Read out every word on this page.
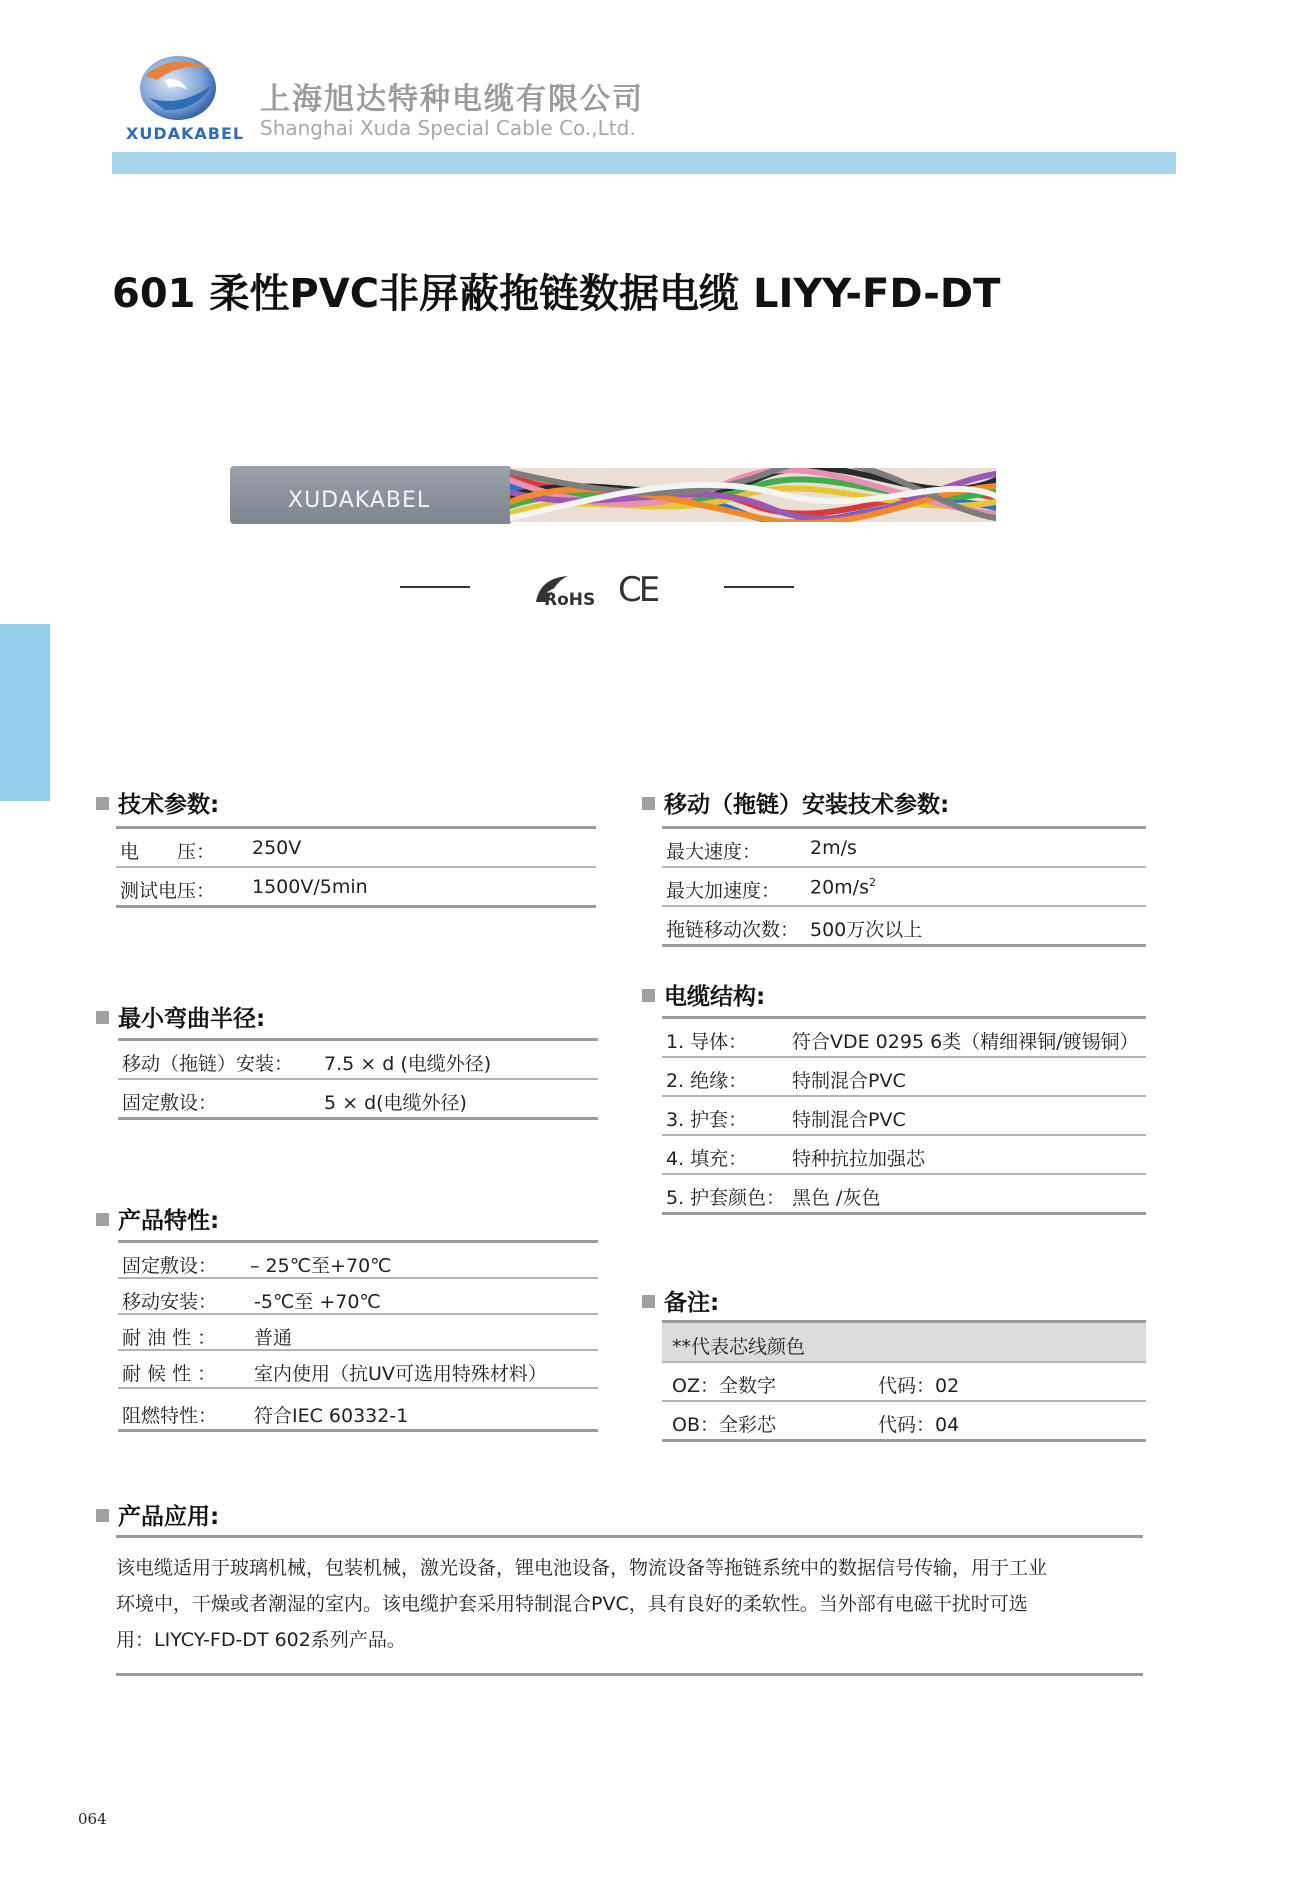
XUDAKABEL
上海旭达特种电缆有限公司
Shanghai Xuda Special Cable Co.,Ltd.
601 柔性PVC非屏蔽拖链数据电缆 LIYY-FD-DT
XUDAKABEL
RoHS CE
技术参数:
电　　压： 250V
测试电压： 1500V/5min
最小弯曲半径:
移动（拖链）安装： 7.5 × d (电缆外径)
固定敷设：	5 × d(电缆外径)
产品特性:
固定敷设： – 25℃至+70℃
移动安装： -5℃至 +70℃
耐 油 性 ： 普通
耐 候 性 ： 室内使用（抗UV可选用特殊材料）
阻燃特性： 符合IEC 60332-1
移动（拖链）安装技术参数:
最大速度：	2m/s
最大加速度： $20m/s^2$
拖链移动次数： 500万次以上
电缆结构:
1. 导体： 符合VDE 0295 6类（精细裸铜/镀锡铜）
2. 绝缘： 特制混合PVC
3. 护套： 特制混合PVC
4. 填充： 特种抗拉加强芯
5. 护套颜色： 黑色 /灰色
备注:
**代表芯线颜色
OZ：全数字	代码：02
OB：全彩芯	代码：04
产品应用:
该电缆适用于玻璃机械，包装机械，激光设备，锂电池设备，物流设备等拖链系统中的数据信号传输，用于工业
环境中，干燥或者潮湿的室内。该电缆护套采用特制混合PVC，具有良好的柔软性。当外部有电磁干扰时可选
用：LIYCY-FD-DT 602系列产品。
064
